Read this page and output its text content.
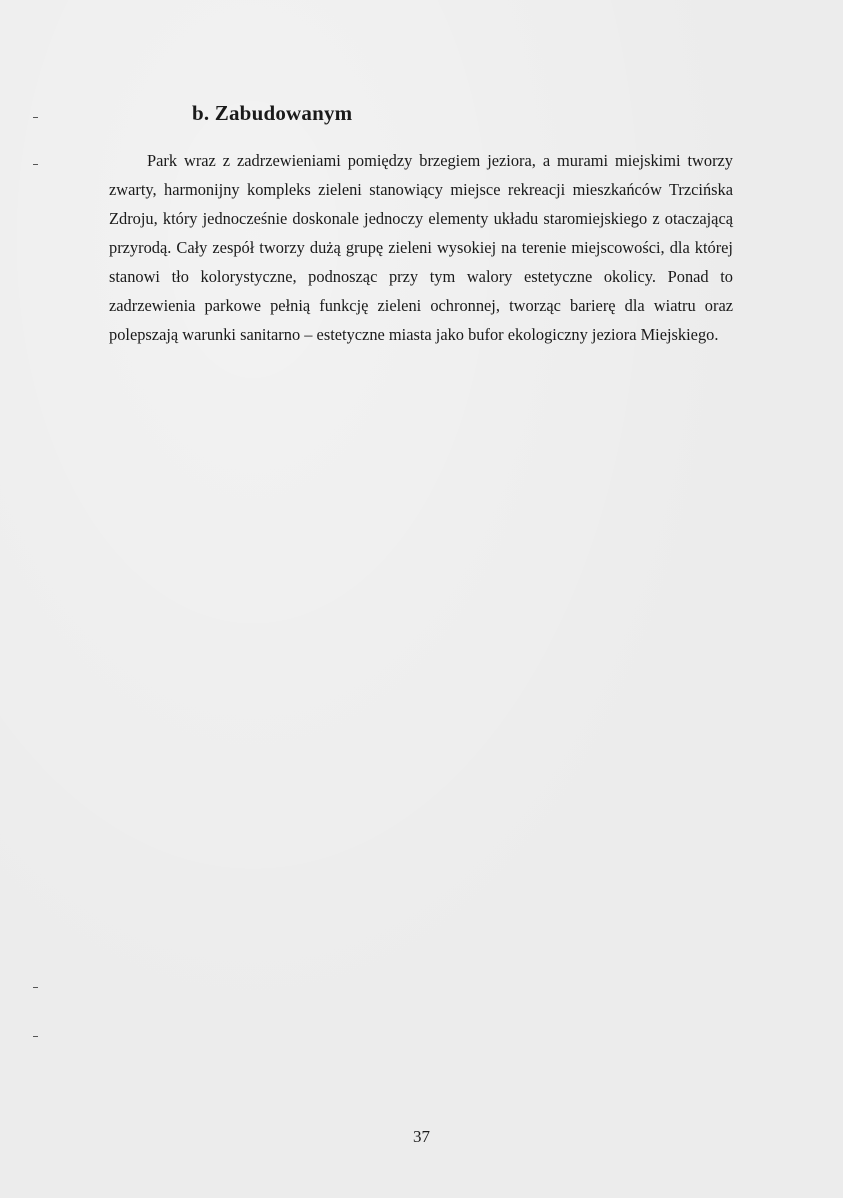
b. Zabudowanym

Park wraz z zadrzewieniami pomiędzy brzegiem jeziora, a murami miejskimi tworzy zwarty, harmonijny kompleks zieleni stanowiący miejsce rekreacji mieszkańców Trzcińska Zdroju, który jednocześnie doskonale jednoczy elementy układu staromiejskiego z otaczającą przyrodą. Cały zespół tworzy dużą grupę zieleni wysokiej na terenie miejscowości, dla której stanowi tło kolorystyczne, podnosząc przy tym walory estetyczne okolicy. Ponad to zadrzewienia parkowe pełnią funkcję zieleni ochronnej, tworząc barierę dla wiatru oraz polepszają warunki sanitarno – estetyczne miasta jako bufor ekologiczny jeziora Miejskiego.

37
